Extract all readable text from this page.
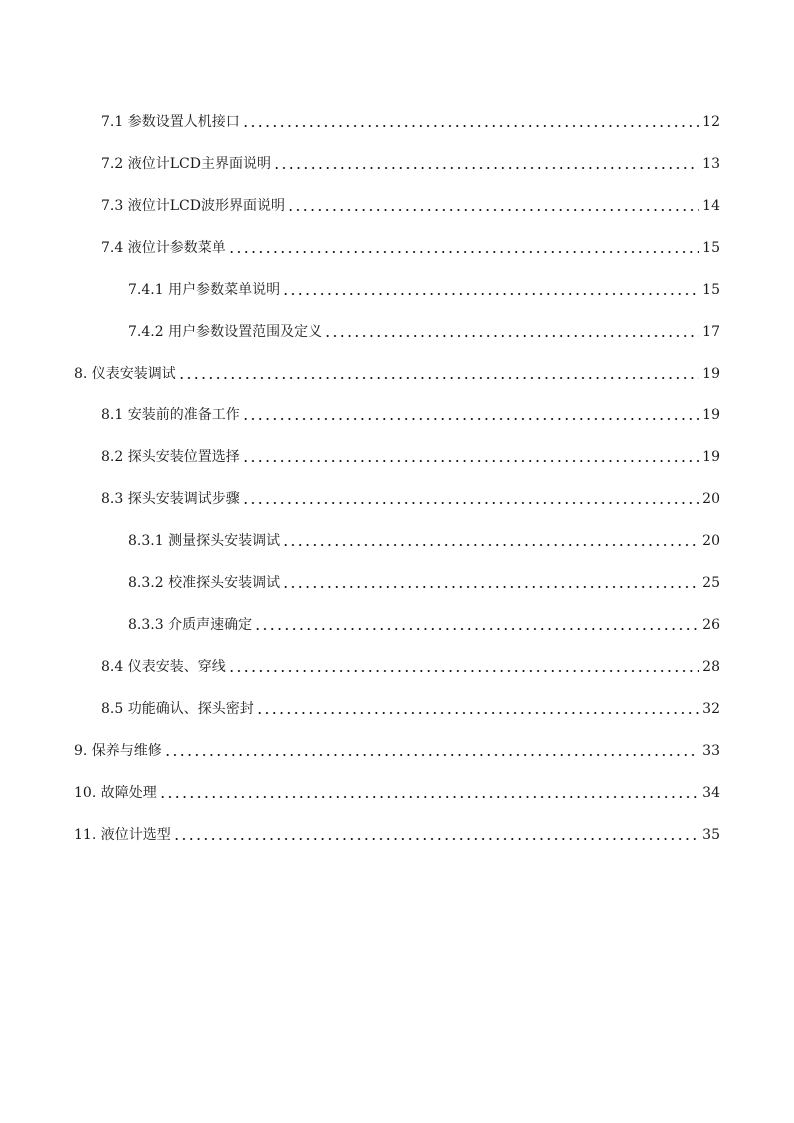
7.1 参数设置人机接口	12
7.2 液位计LCD主界面说明	13
7.3 液位计LCD波形界面说明	14
7.4 液位计参数菜单	15
7.4.1 用户参数菜单说明	15
7.4.2 用户参数设置范围及定义	17
8. 仪表安装调试	19
8.1 安装前的准备工作	19
8.2 探头安装位置选择	19
8.3 探头安装调试步骤	20
8.3.1 测量探头安装调试	20
8.3.2 校准探头安装调试	25
8.3.3 介质声速确定	26
8.4 仪表安装、穿线	28
8.5 功能确认、探头密封	32
9. 保养与维修	33
10. 故障处理	34
11. 液位计选型	35
